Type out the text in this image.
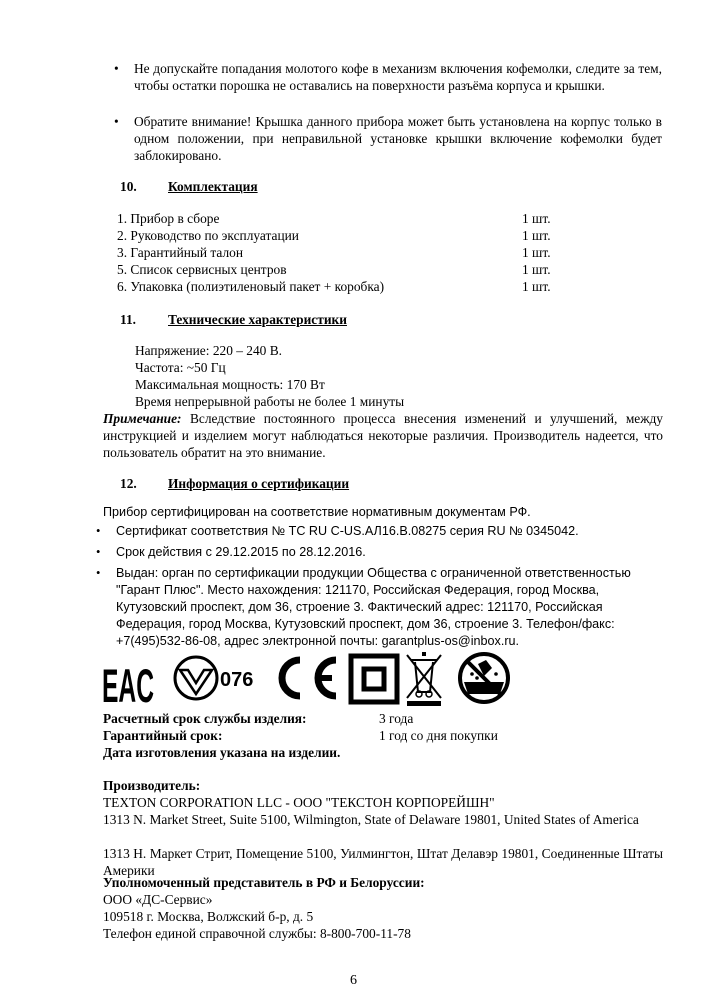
• Не допускайте попадания молотого кофе в механизм включения кофемолки, следите за тем, чтобы остатки порошка не оставались на поверхности разъёма корпуса и крышки.
• Обратите внимание! Крышка данного прибора может быть установлена на корпус только в одном положении, при неправильной установке крышки включение кофемолки будет заблокировано.
10. Комплектация
1. Прибор в сборе	1 шт.
2. Руководство по эксплуатации	1 шт.
3. Гарантийный талон	1 шт.
5. Список сервисных центров	1 шт.
6. Упаковка (полиэтиленовый пакет + коробка)	1 шт.
11. Технические характеристики
Напряжение: 220 – 240 В.
Частота: ~50 Гц
Максимальная мощность: 170 Вт
Время непрерывной работы не более 1 минуты
Примечание: Вследствие постоянного процесса внесения изменений и улучшений, между инструкцией и изделием могут наблюдаться некоторые различия. Производитель надеется, что пользователь обратит на это внимание.
12. Информация о сертификации
Прибор сертифицирован на соответствие нормативным документам РФ.
• Сертификат соответствия № ТС RU C-US.АЛ16.В.08275 серия RU № 0345042.
• Срок действия с 29.12.2015 по 28.12.2016.
• Выдан: орган по сертификации продукции Общества с ограниченной ответственностью "Гарант Плюс". Место нахождения: 121170, Российская Федерация, город Москва, Кутузовский проспект, дом 36, строение 3. Фактический адрес: 121170, Российская Федерация, город Москва, Кутузовский проспект, дом 36, строение 3. Телефон/факс: +7(495)532-86-08, адрес электронной почты: garantplus-os@inbox.ru.
EAC	076
Расчетный срок службы изделия:	3 года
Гарантийный срок:	1 год со дня покупки
Дата изготовления указана на изделии.
Производитель:
TEXTON CORPORATION LLC - ООО "ТЕКСТОН КОРПОРЕЙШН"
1313 N. Market Street, Suite 5100, Wilmington, State of Delaware 19801, United States of America
1313 Н. Маркет Стрит, Помещение 5100, Уилмингтон, Штат Делавэр 19801, Соединенные Штаты Америки
Уполномоченный представитель в РФ и Белоруссии:
ООО «ДС-Сервис»
109518 г. Москва, Волжский б-р, д. 5
Телефон единой справочной службы: 8-800-700-11-78
6
